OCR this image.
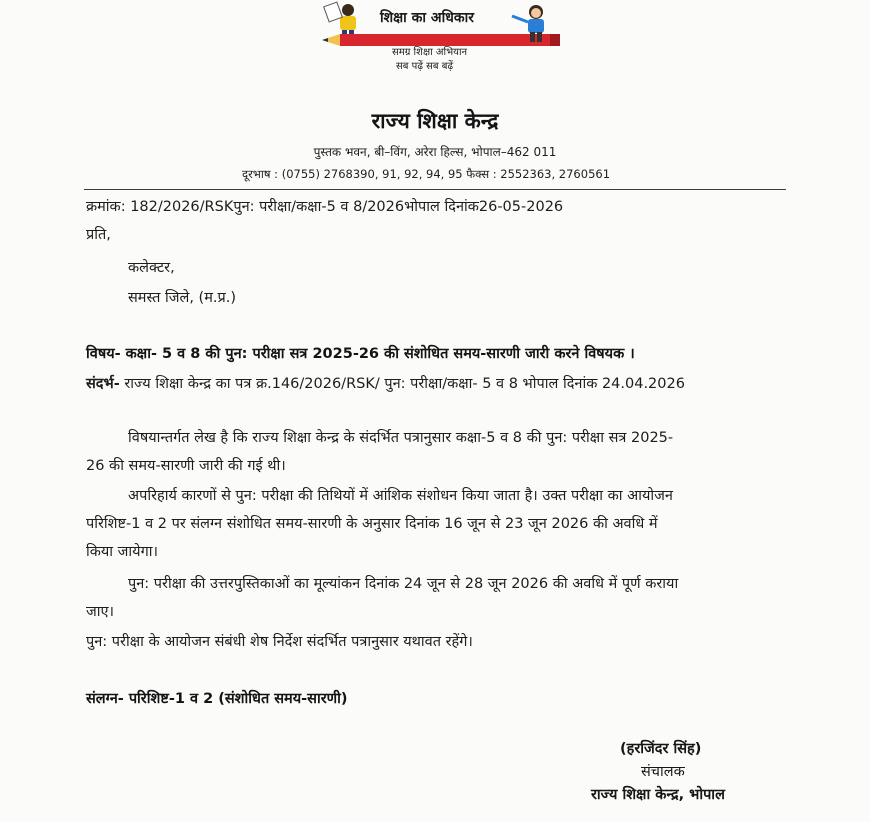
शिक्षा का अधिकार
समग्र शिक्षा अभियान
सब पढ़ें सब बढ़ें
राज्य शिक्षा केन्द्र
पुस्तक भवन, बी–विंग, अरेरा हिल्स, भोपाल–462 011
दूरभाष : (0755) 2768390, 91, 92, 94, 95 फैक्स : 2552363, 2760561
क्रमांक: 182/2026/RSKपुन: परीक्षा/कक्षा-5 व 8/2026भोपाल दिनांक26-05-2026
प्रति,
कलेक्टर,
समस्त जिले, (म.प्र.)
विषय- कक्षा- 5 व 8 की पुन: परीक्षा सत्र 2025-26 की संशोधित समय-सारणी जारी करने विषयक ।
संदर्भ- राज्य शिक्षा केन्द्र का पत्र क्र.146/2026/RSK/ पुन: परीक्षा/कक्षा- 5 व 8 भोपाल दिनांक 24.04.2026
विषयान्तर्गत लेख है कि राज्य शिक्षा केन्द्र के संदर्भित पत्रानुसार कक्षा-5 व 8 की पुन: परीक्षा सत्र 2025-
26 की समय-सारणी जारी की गई थी।
अपरिहार्य कारणों से पुन: परीक्षा की तिथियों में आंशिक संशोधन किया जाता है। उक्त परीक्षा का आयोजन
परिशिष्ट-1 व 2 पर संलग्न संशोधित समय-सारणी के अनुसार दिनांक 16 जून से 23 जून 2026 की अवधि में
किया जायेगा।
पुन: परीक्षा की उत्तरपुस्तिकाओं का मूल्यांकन दिनांक 24 जून से 28 जून 2026 की अवधि में पूर्ण कराया
जाए।
पुन: परीक्षा के आयोजन संबंधी शेष निर्देश संदर्भित पत्रानुसार यथावत रहेंगे।
संलग्न- परिशिष्ट-1 व 2 (संशोधित समय-सारणी)
(हरजिंदर सिंह)
संचालक
राज्य शिक्षा केन्द्र, भोपाल
